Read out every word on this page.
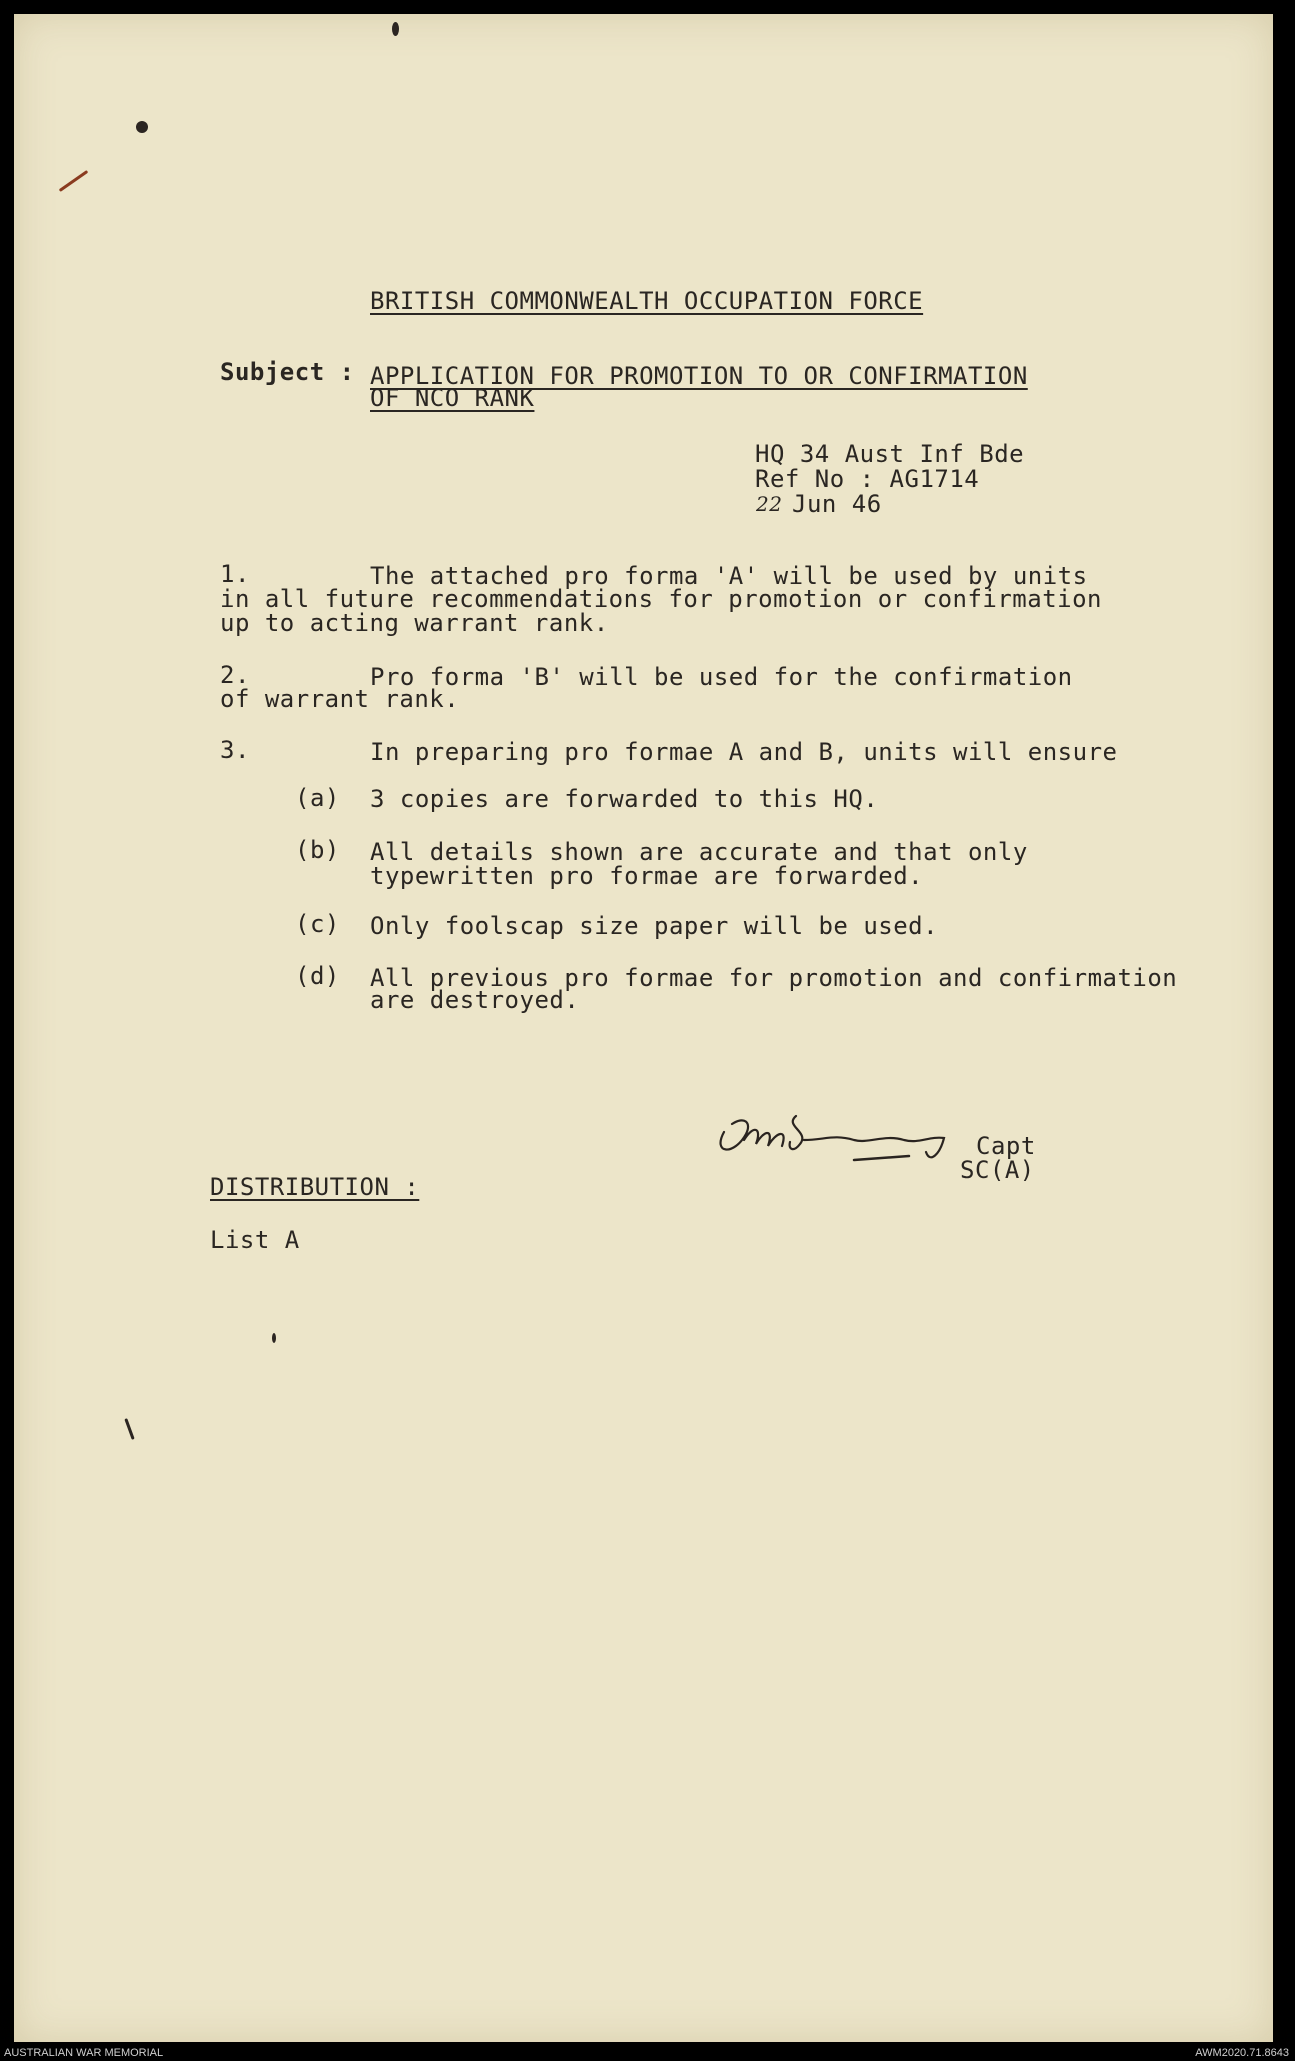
BRITISH COMMONWEALTH OCCUPATION FORCE
Subject : APPLICATION FOR PROMOTION TO OR CONFIRMATION
OF NCO RANK
HQ 34 Aust Inf Bde
Ref No : AG1714
22 Jun 46
1.	The attached pro forma 'A' will be used by units
in all future recommendations for promotion or confirmation
up to acting warrant rank.
2.	Pro forma 'B' will be used for the confirmation
of warrant rank.
3.	In preparing pro formae A and B, units will ensure
(a) 3 copies are forwarded to this HQ.
(b) All details shown are accurate and that only
typewritten pro formae are forwarded.
(c) Only foolscap size paper will be used.
(d) All previous pro formae for promotion and confirmation
are destroyed.
Capt
SC(A)
DISTRIBUTION :
List A
AUSTRALIAN WAR MEMORIAL	AWM2020.71.8643
